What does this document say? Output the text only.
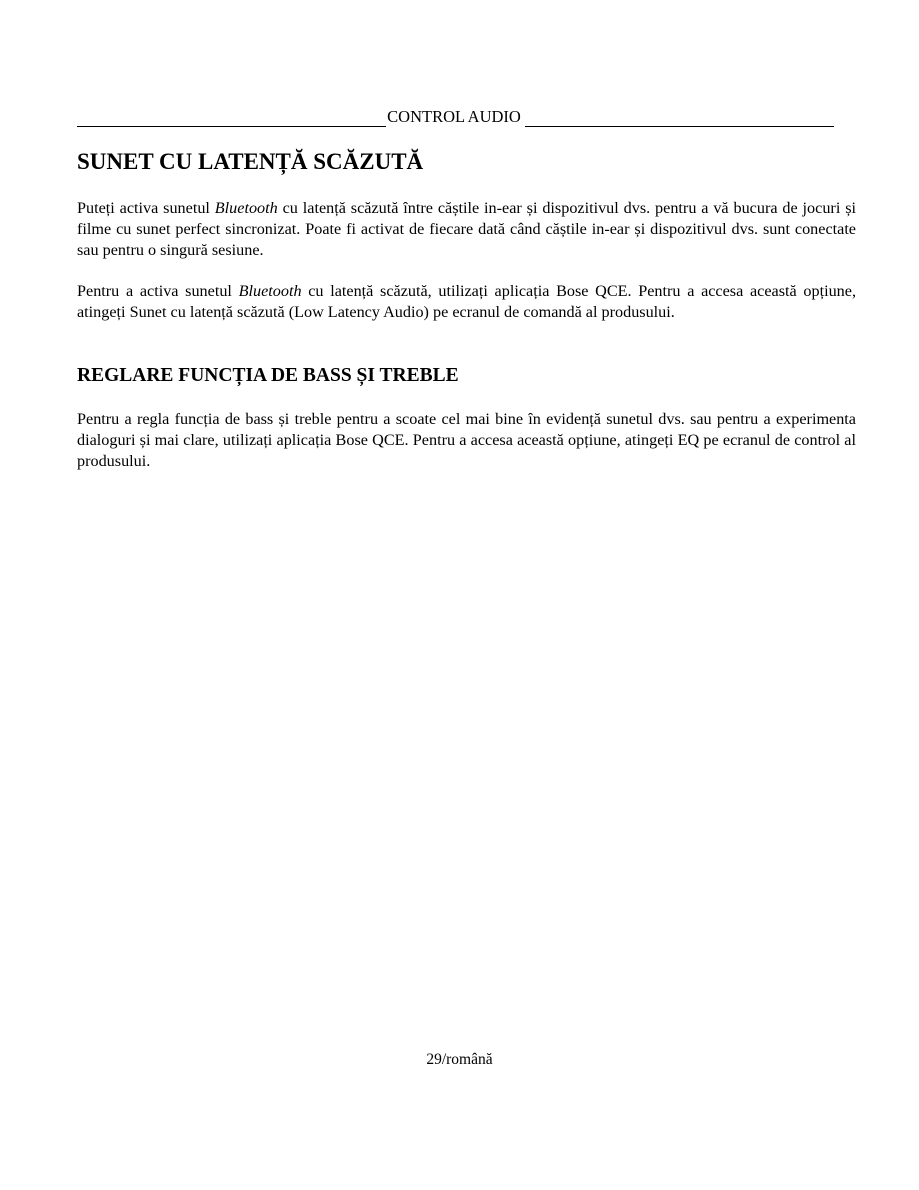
CONTROL AUDIO
SUNET CU LATENȚĂ SCĂZUTĂ

Puteți activa sunetul Bluetooth cu latență scăzută între căștile in-ear și dispozitivul dvs. pentru a vă bucura de jocuri și filme cu sunet perfect sincronizat. Poate fi activat de fiecare dată când căștile in-ear și dispozitivul dvs. sunt conectate sau pentru o singură sesiune.

Pentru a activa sunetul Bluetooth cu latență scăzută, utilizați aplicația Bose QCE. Pentru a accesa această opțiune, atingeți Sunet cu latență scăzută (Low Latency Audio) pe ecranul de comandă al produsului.

REGLARE FUNCȚIA DE BASS ȘI TREBLE

Pentru a regla funcția de bass și treble pentru a scoate cel mai bine în evidență sunetul dvs. sau pentru a experimenta dialoguri și mai clare, utilizați aplicația Bose QCE. Pentru a accesa această opțiune, atingeți EQ pe ecranul de control al produsului.

29/română
